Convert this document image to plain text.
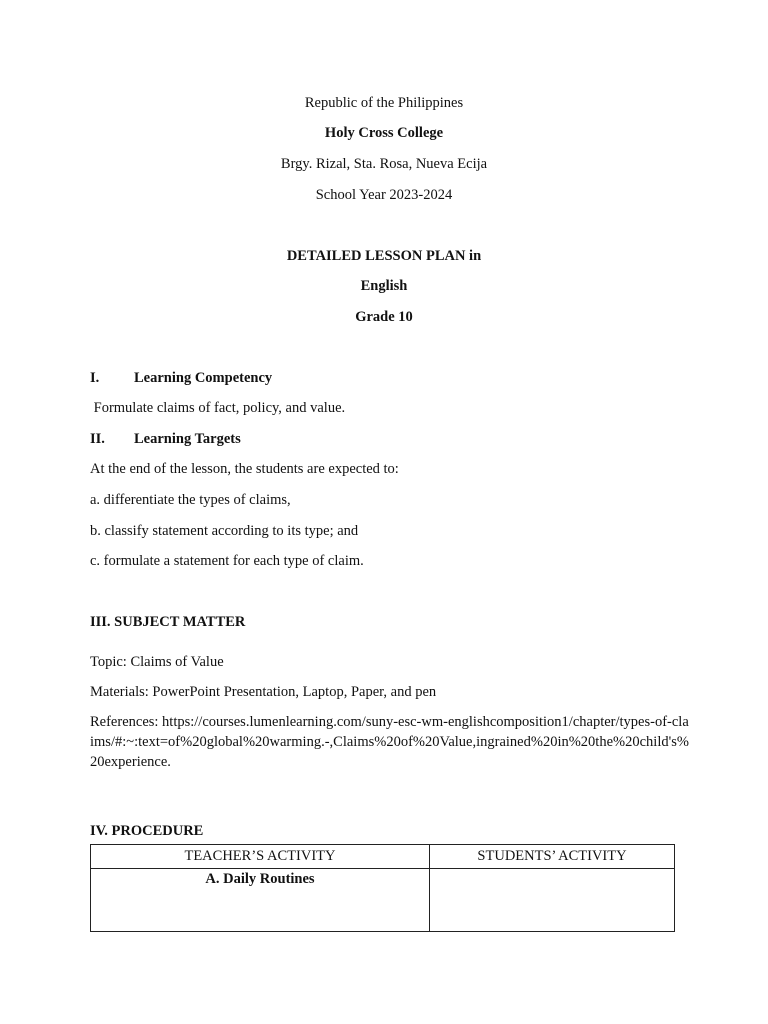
Republic of the Philippines
Holy Cross College
Brgy. Rizal, Sta. Rosa, Nueva Ecija
School Year 2023-2024
DETAILED LESSON PLAN in
English
Grade 10
I. Learning Competency
Formulate claims of fact, policy, and value.
II. Learning Targets
At the end of the lesson, the students are expected to:
a. differentiate the types of claims,
b. classify statement according to its type; and
c. formulate a statement for each type of claim.
III. SUBJECT MATTER
Topic: Claims of Value
Materials: PowerPoint Presentation, Laptop, Paper, and pen
References: https://courses.lumenlearning.com/suny-esc-wm-englishcomposition1/chapter/types-of-claims/#:~:text=of%20global%20warming.-,Claims%20of%20Value,ingrained%20in%20the%20child's%20experience.
IV. PROCEDURE
TEACHER’S ACTIVITY	STUDENTS’ ACTIVITY
A. Daily Routines	
